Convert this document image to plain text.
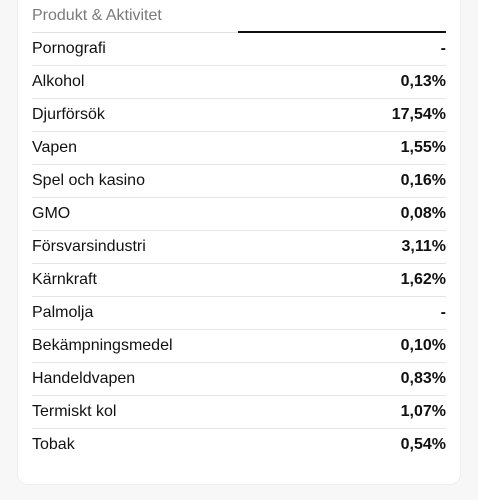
Produkt & Aktivitet
Pornografi	-
Alkohol	0,13%
Djurförsök	17,54%
Vapen	1,55%
Spel och kasino	0,16%
GMO	0,08%
Försvarsindustri	3,11%
Kärnkraft	1,62%
Palmolja	-
Bekämpningsmedel	0,10%
Handeldvapen	0,83%
Termiskt kol	1,07%
Tobak	0,54%
